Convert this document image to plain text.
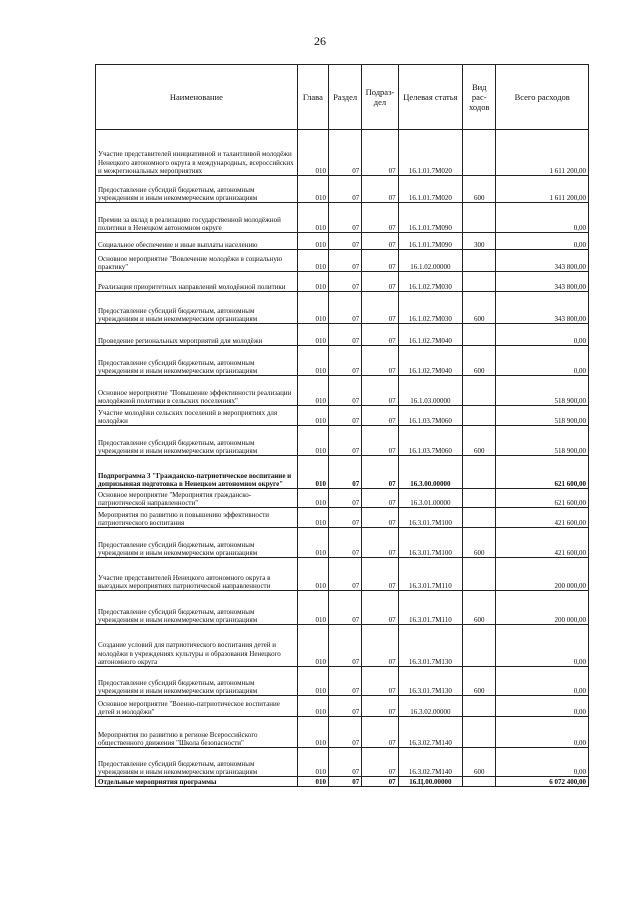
26
Наименование	Глава	Раздел	Подраз-дел	Целевая статья	Вид рас-ходов	Всего расходов
Участие представителей инициативной и талантливой молодёжи Ненецкого автономного округа в международных, всероссийских и межрегиональных мероприятиях	010	07	07	16.1.01.7М020		1 611 200,00
Предоставление субсидий бюджетным, автономным учреждениям и иным некоммерческим организациям	010	07	07	16.1.01.7М020	600	1 611 200,00
Премии за вклад в реализацию государственной молодёжной политики в Ненецком автономном округе	010	07	07	16.1.01.7М090		0,00
Социальное обеспечение и иные выплаты населению	010	07	07	16.1.01.7М090	300	0,00
Основное мероприятие "Вовлечение молодёжи в социальную практику"	010	07	07	16.1.02.00000		343 800,00
Реализация приоритетных направлений молодёжной политики	010	07	07	16.1.02.7М030		343 800,00
Предоставление субсидий бюджетным, автономным учреждениям и иным некоммерческим организациям	010	07	07	16.1.02.7М030	600	343 800,00
Проведение региональных мероприятий для молодёжи	010	07	07	16.1.02.7М040		0,00
Предоставление субсидий бюджетным, автономным учреждениям и иным некоммерческим организациям	010	07	07	16.1.02.7М040	600	0,00
Основное мероприятие "Повышение эффективности реализации молодёжной политики в сельских поселениях"	010	07	07	16.1.03.00000		518 900,00
Участие молодёжи сельских поселений в мероприятиях для молодёжи	010	07	07	16.1.03.7М060		518 900,00
Предоставление субсидий бюджетным, автономным учреждениям и иным некоммерческим организациям	010	07	07	16.1.03.7М060	600	518 900,00
Подпрограмма 3 "Гражданско-патриотическое воспитание и допризывная подготовка в Ненецком автономном округе"	010	07	07	16.3.00.00000		621 600,00
Основное мероприятие "Мероприятия гражданско-патриотической направленности"	010	07	07	16.3.01.00000		621 600,00
Мероприятия по развитию и повышению эффективности патриотического воспитания	010	07	07	16.3.01.7М100		421 600,00
Предоставление субсидий бюджетным, автономным учреждениям и иным некоммерческим организациям	010	07	07	16.3.01.7М100	600	421 600,00
Участие представителей Ненецкого автономного округа в выездных мероприятиях патриотической направленности	010	07	07	16.3.01.7М110		200 000,00
Предоставление субсидий бюджетным, автономным учреждениям и иным некоммерческим организациям	010	07	07	16.3.01.7М110	600	200 000,00
Создание условий для патриотического воспитания детей и молодёжи в учреждениях культуры и образования Ненецкого автономного округа	010	07	07	16.3.01.7М130		0,00
Предоставление субсидий бюджетным, автономным учреждениям и иным некоммерческим организациям	010	07	07	16.3.01.7М130	600	0,00
Основное мероприятие "Военно-патриотическое воспитание детей и молодёжи"	010	07	07	16.3.02.00000		0,00
Мероприятия по развитию в регионе Всероссийского общественного движения "Школа безопасности"	010	07	07	16.3.02.7М140		0,00
Предоставление субсидий бюджетным, автономным учреждениям и иным некоммерческим организациям	010	07	07	16.3.02.7М140	600	0,00
Отдельные мероприятия программы	010	07	07	16.Ц.00.00000		6 072 400,00
